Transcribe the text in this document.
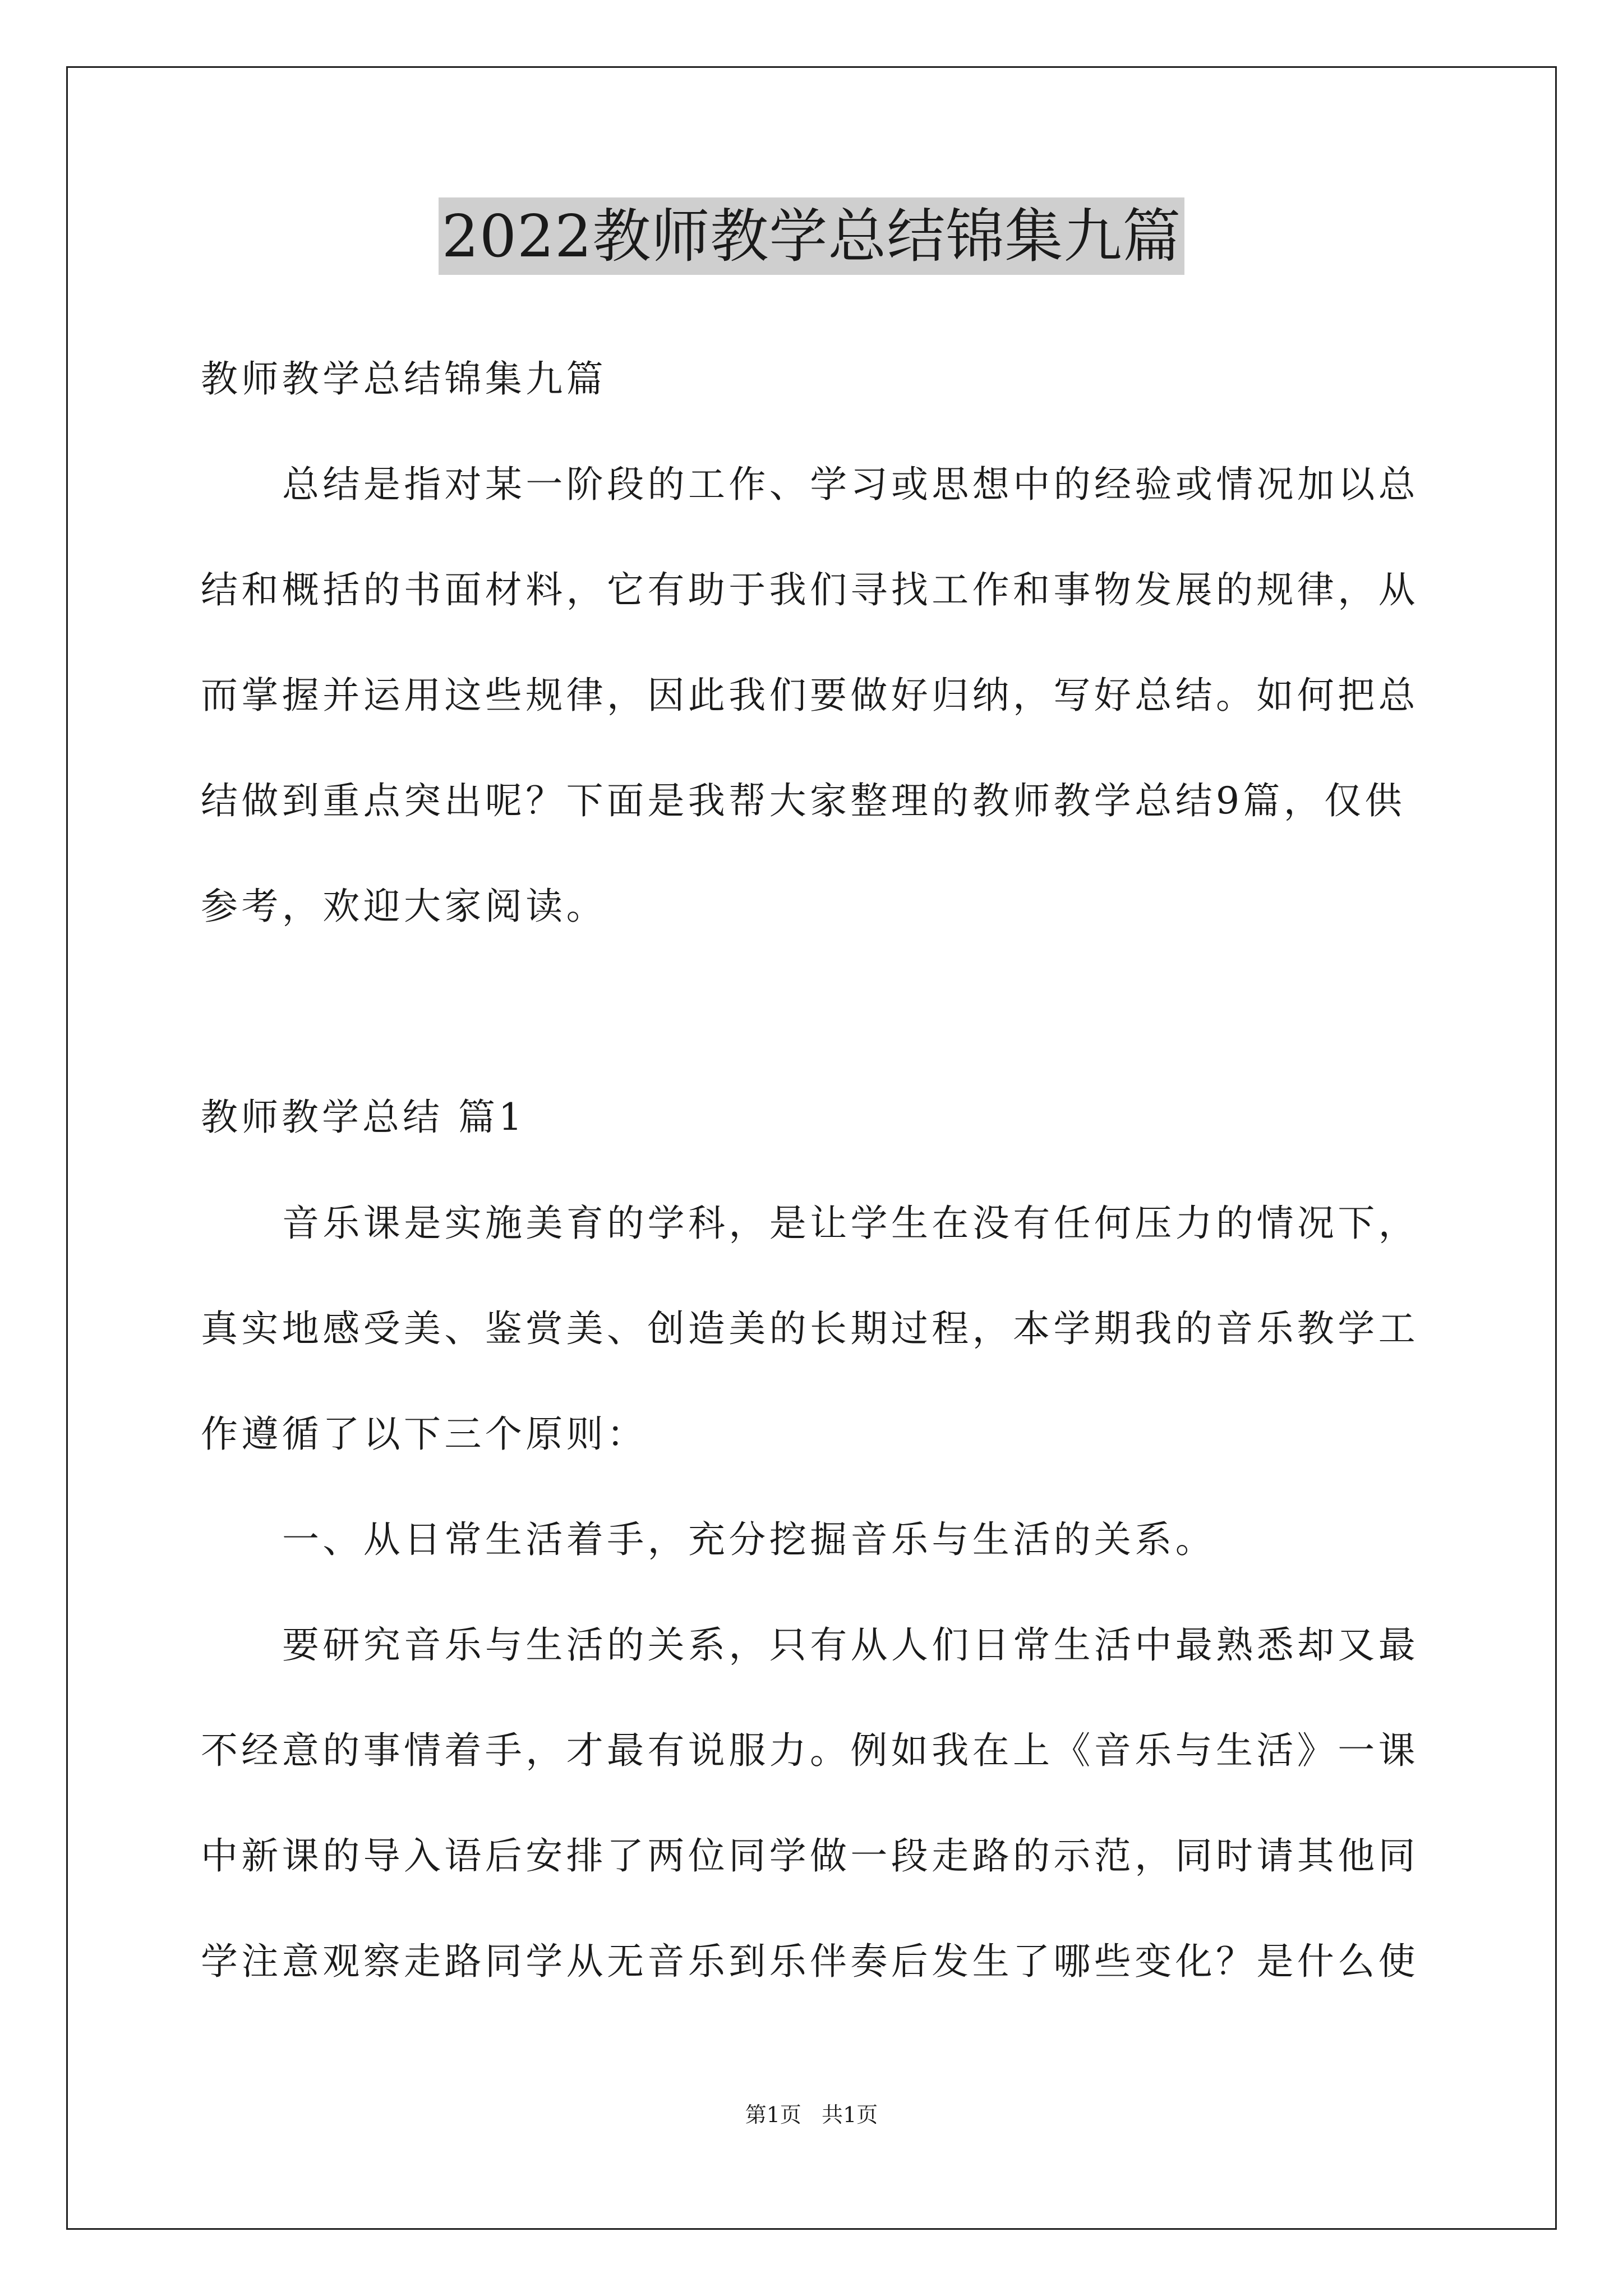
2022教师教学总结锦集九篇
教师教学总结锦集九篇
总结是指对某一阶段的工作、学习或思想中的经验或情况加以总
结和概括的书面材料，它有助于我们寻找工作和事物发展的规律，从
而掌握并运用这些规律，因此我们要做好归纳，写好总结。如何把总
结做到重点突出呢？下面是我帮大家整理的教师教学总结9篇，仅供
参考，欢迎大家阅读。
教师教学总结 篇1
音乐课是实施美育的学科，是让学生在没有任何压力的情况下，
真实地感受美、鉴赏美、创造美的长期过程，本学期我的音乐教学工
作遵循了以下三个原则：
一、从日常生活着手，充分挖掘音乐与生活的关系。
要研究音乐与生活的关系，只有从人们日常生活中最熟悉却又最
不经意的事情着手，才最有说服力。例如我在上《音乐与生活》一课
中新课的导入语后安排了两位同学做一段走路的示范，同时请其他同
学注意观察走路同学从无音乐到乐伴奏后发生了哪些变化？是什么使
第1页   共1页
